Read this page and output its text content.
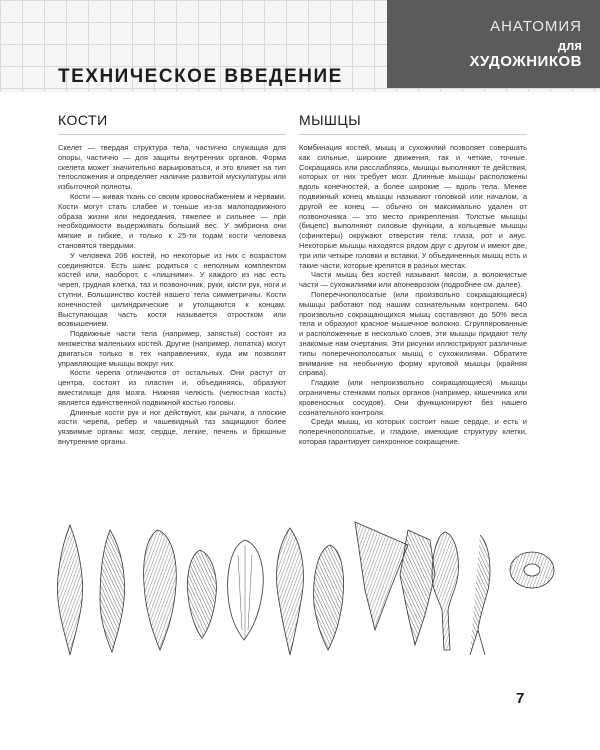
АНАТОМИЯ
для
ХУДОЖНИКОВ
ТЕХНИЧЕСКОЕ ВВЕДЕНИЕ
КОСТИ

Скелет — твердая структура тела, частично служащая для опоры, частично — для защиты внутренних органов. Форма скелета может значительно варьироваться, и это влияет на тип телосложения и определяет наличие развитой мускулатуры или избыточной полноты.

Кости — живая ткань со своим кровоснабжением и нервами. Кости могут стать слабее и тоньше из-за малоподвижного образа жизни или недоедания, тяжелее и сильнее — при необходимости выдерживать больший вес. У эмбриона они мягкие и гибкие, и только к 25-ти годам кости человека становятся твердыми.

У человека 206 костей, но некоторые из них с возрастом соединяются. Есть шанс родиться с неполным комплектом костей или, наоборот, с «лишними». У каждого из нас есть череп, грудная клетка, таз и позвоночник, руки, кисти рук, ноги и ступни. Большинство костей нашего тела симметричны. Кости конечностей цилиндрические и утолщаются к концам. Выступающая часть кости называется отростком или возвышением.

Подвижные части тела (например, запястья) состоят из множества маленьких костей. Другие (например, лопатка) могут двигаться только в тех направлениях, куда им позволят управляющие мышцы вокруг них.

Кости черепа отличаются от остальных. Они растут от центра, состоят из пластин и, объединяясь, образуют вместилище для мозга. Нижняя челюсть (челюстная кость) является единственной подвижной костью головы.

Длинные кости рук и ног действуют, как рычаги, а плоские кости черепа, ребер и чашевидный таз защищают более уязвимые органы: мозг, сердце, легкие, печень и брюшные внутренние органы.

МЫШЦЫ

Комбинация костей, мышц и сухожилий позволяет совершать как сильные, широкие движения, так и четкие, точные. Сокращаясь или расслабляясь, мышцы выполняют те действия, которых от них требует мозг. Длинные мышцы расположены вдоль конечностей, а более широкие — вдоль тела. Менее подвижный конец мышцы называют головкой или началом, а другой ее конец — обычно он максимально удален от позвоночника — это место прикрепления. Толстые мышцы (бицепс) выполняют силовые функции, а кольцевые мышцы (сфинктеры) окружают отверстия тела: глаза, рот и анус. Некоторые мышцы находятся рядом друг с другом и имеют две, три или четыре головки и вставки. У объединенных мышц есть и такие части, которые крепятся в разных местах.

Части мышц без костей называют мясом, а волокнистые части — сухожилиями или апоневрозом (подробнее см. далее).

Поперечнополосатые (или произвольно сокращающиеся) мышцы работают под нашим сознательным контролем. 640 произвольно сокращающихся мышц составляют до 50% веса тела и образуют красное мышечное волокно. Сгруппированные и расположенные в несколько слоев, эти мышцы придают телу знакомые нам очертания. Эти рисунки иллюстрируют различные типы поперечнополосатых мышц с сухожилиями. Обратите внимание на необычную форму круговой мышцы (крайняя справа).

Гладкие (или непроизвольно сокращающиеся) мышцы ограничены стенками полых органов (например, кишечника или кровеносных сосудов). Они функционируют без нашего сознательного контроля.

Среди мышц, из которых состоит наше сердце, и есть и поперечнополосатые, и гладкие, имеющие структуру клетки, которая гарантирует синхронное сокращение.

7
